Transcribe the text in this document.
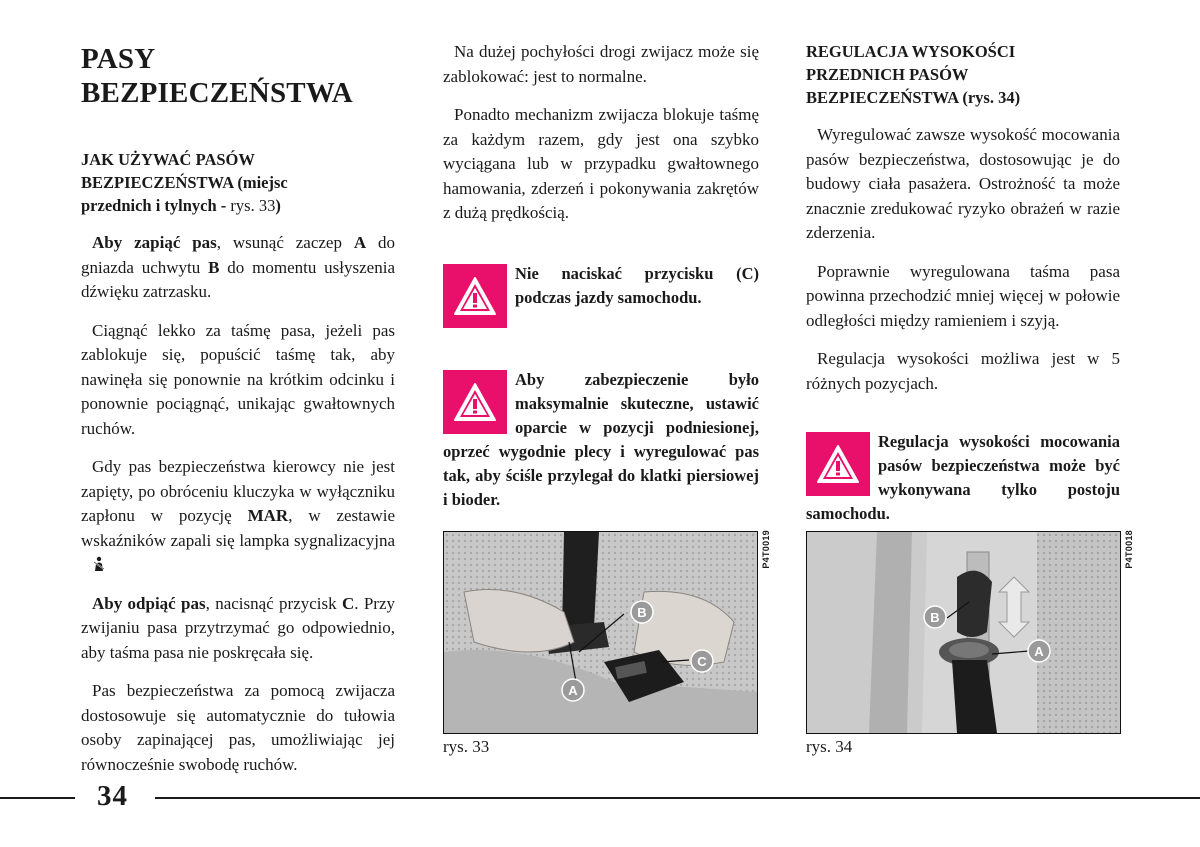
PASY
BEZPIECZEŃSTWA
JAK UŻYWAĆ PASÓW
BEZPIECZEŃSTWA (miejsc
przednich i tylnych - rys. 33)

Aby zapiąć pas, wsunąć zaczep A do gniazda uchwytu B do momentu usłyszenia dźwięku zatrzasku.

Ciągnąć lekko za taśmę pasa, jeżeli pas zablokuje się, popuścić taśmę tak, aby nawinęła się ponownie na krótkim odcinku i ponownie pociągnąć, unikając gwałtownych ruchów.

Gdy pas bezpieczeństwa kierowcy nie jest zapięty, po obróceniu kluczyka w wyłączniku zapłonu w pozycję MAR, w zestawie wskaźników zapali się lampka sygnalizacyjna .

Aby odpiąć pas, nacisnąć przycisk C. Przy zwijaniu pasa przytrzymać go odpowiednio, aby taśma pasa nie poskręcała się.

Pas bezpieczeństwa za pomocą zwijacza dostosowuje się automatycznie do tułowia osoby zapinającej pas, umożliwiając jej równocześnie swobodę ruchów.

Na dużej pochyłości drogi zwijacz może się zablokować: jest to normalne.

Ponadto mechanizm zwijacza blokuje taśmę za każdym razem, gdy jest ona szybko wyciągana lub w przypadku gwałtownego hamowania, zderzeń i pokonywania zakrętów z dużą prędkością.

Nie naciskać przycisku (C) podczas jazdy samochodu.
Aby zabezpieczenie było maksymalnie skuteczne, ustawić oparcie w pozycji podniesionej, oprzeć wygodnie plecy i wyregulować pas tak, aby ściśle przylegał do klatki piersiowej i bioder.
REGULACJA WYSOKOŚCI
PRZEDNICH PASÓW
BEZPIECZEŃSTWA (rys. 34)

Wyregulować zawsze wysokość mocowania pasów bezpieczeństwa, dostosowując je do budowy ciała pasażera. Ostrożność ta może znacznie zredukować ryzyko obrażeń w razie zderzenia.

Poprawnie wyregulowana taśma pasa powinna przechodzić mniej więcej w połowie odległości między ramieniem i szyją.

Regulacja wysokości możliwa jest w 5 różnych pozycjach.

Regulacja wysokości mocowania pasów bezpieczeństwa może być wykonywana tylko postoju samochodu.
B
C
A
P4T0019
rys. 33
B
A
P4T0018
rys. 34
34
